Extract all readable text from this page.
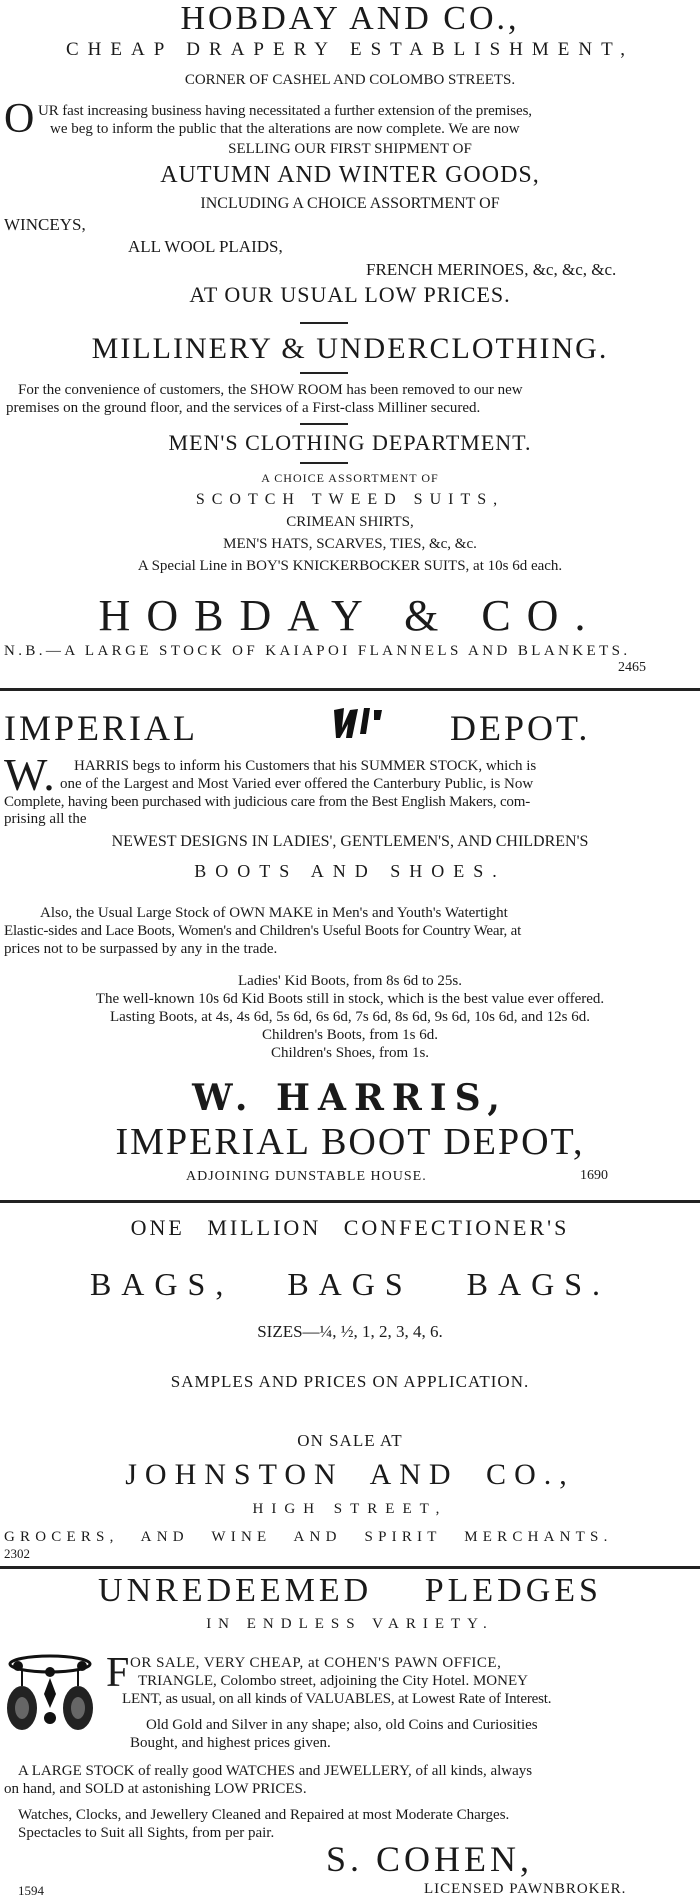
HOBDAY AND CO.,
CHEAP DRAPERY ESTABLISHMENT,
CORNER OF CASHEL AND COLOMBO STREETS.
O UR fast increasing business having necessitated a further extension of the premises,
we beg to inform the public that the alterations are now complete. We are now
SELLING OUR FIRST SHIPMENT OF
AUTUMN AND WINTER GOODS,
INCLUDING A CHOICE ASSORTMENT OF
WINCEYS,
ALL WOOL PLAIDS,
FRENCH MERINOES, &c, &c, &c.
AT OUR USUAL LOW PRICES.
MILLINERY & UNDERCLOTHING.
For the convenience of customers, the SHOW ROOM has been removed to our new
premises on the ground floor, and the services of a First-class Milliner secured.
MEN'S CLOTHING DEPARTMENT.
A CHOICE ASSORTMENT OF
SCOTCH TWEED SUITS,
CRIMEAN SHIRTS,
MEN'S HATS, SCARVES, TIES, &c, &c.
A Special Line in BOY'S KNICKERBOCKER SUITS, at 10s 6d each.
HOBDAY & CO.
N.B.—A LARGE STOCK OF KAIAPOI FLANNELS AND BLANKETS.
2465
IMPERIAL	DEPOT.
W. HARRIS begs to inform his Customers that his SUMMER STOCK, which is
one of the Largest and Most Varied ever offered the Canterbury Public, is Now
Complete, having been purchased with judicious care from the Best English Makers, com-
prising all the
NEWEST DESIGNS IN LADIES', GENTLEMEN'S, AND CHILDREN'S
BOOTS AND SHOES.
Also, the Usual Large Stock of OWN MAKE in Men's and Youth's Watertight
Elastic-sides and Lace Boots, Women's and Children's Useful Boots for Country Wear, at
prices not to be surpassed by any in the trade.
Ladies' Kid Boots, from 8s 6d to 25s.
The well-known 10s 6d Kid Boots still in stock, which is the best value ever offered.
Lasting Boots, at 4s, 4s 6d, 5s 6d, 6s 6d, 7s 6d, 8s 6d, 9s 6d, 10s 6d, and 12s 6d.
Children's Boots, from 1s 6d.
Children's Shoes, from 1s.
W. HARRIS,
IMPERIAL BOOT DEPOT,
ADJOINING DUNSTABLE HOUSE.	1690
ONE MILLION CONFECTIONER'S
BAGS, BAGS BAGS.
SIZES—¼, ½, 1, 2, 3, 4, 6.
SAMPLES AND PRICES ON APPLICATION.
ON SALE AT
JOHNSTON AND CO.,
HIGH STREET,
GROCERS, AND WINE AND SPIRIT MERCHANTS.
2302
UNREDEEMED PLEDGES
IN ENDLESS VARIETY.
F OR SALE, VERY CHEAP, at COHEN'S PAWN OFFICE,
TRIANGLE, Colombo street, adjoining the City Hotel. MONEY
LENT, as usual, on all kinds of VALUABLES, at Lowest Rate of Interest.
Old Gold and Silver in any shape; also, old Coins and Curiosities
Bought, and highest prices given.
A LARGE STOCK of really good WATCHES and JEWELLERY, of all kinds, always
on hand, and SOLD at astonishing LOW PRICES.
Watches, Clocks, and Jewellery Cleaned and Repaired at most Moderate Charges.
Spectacles to Suit all Sights, from per pair.
S. COHEN,
1594	LICENSED PAWNBROKER.
